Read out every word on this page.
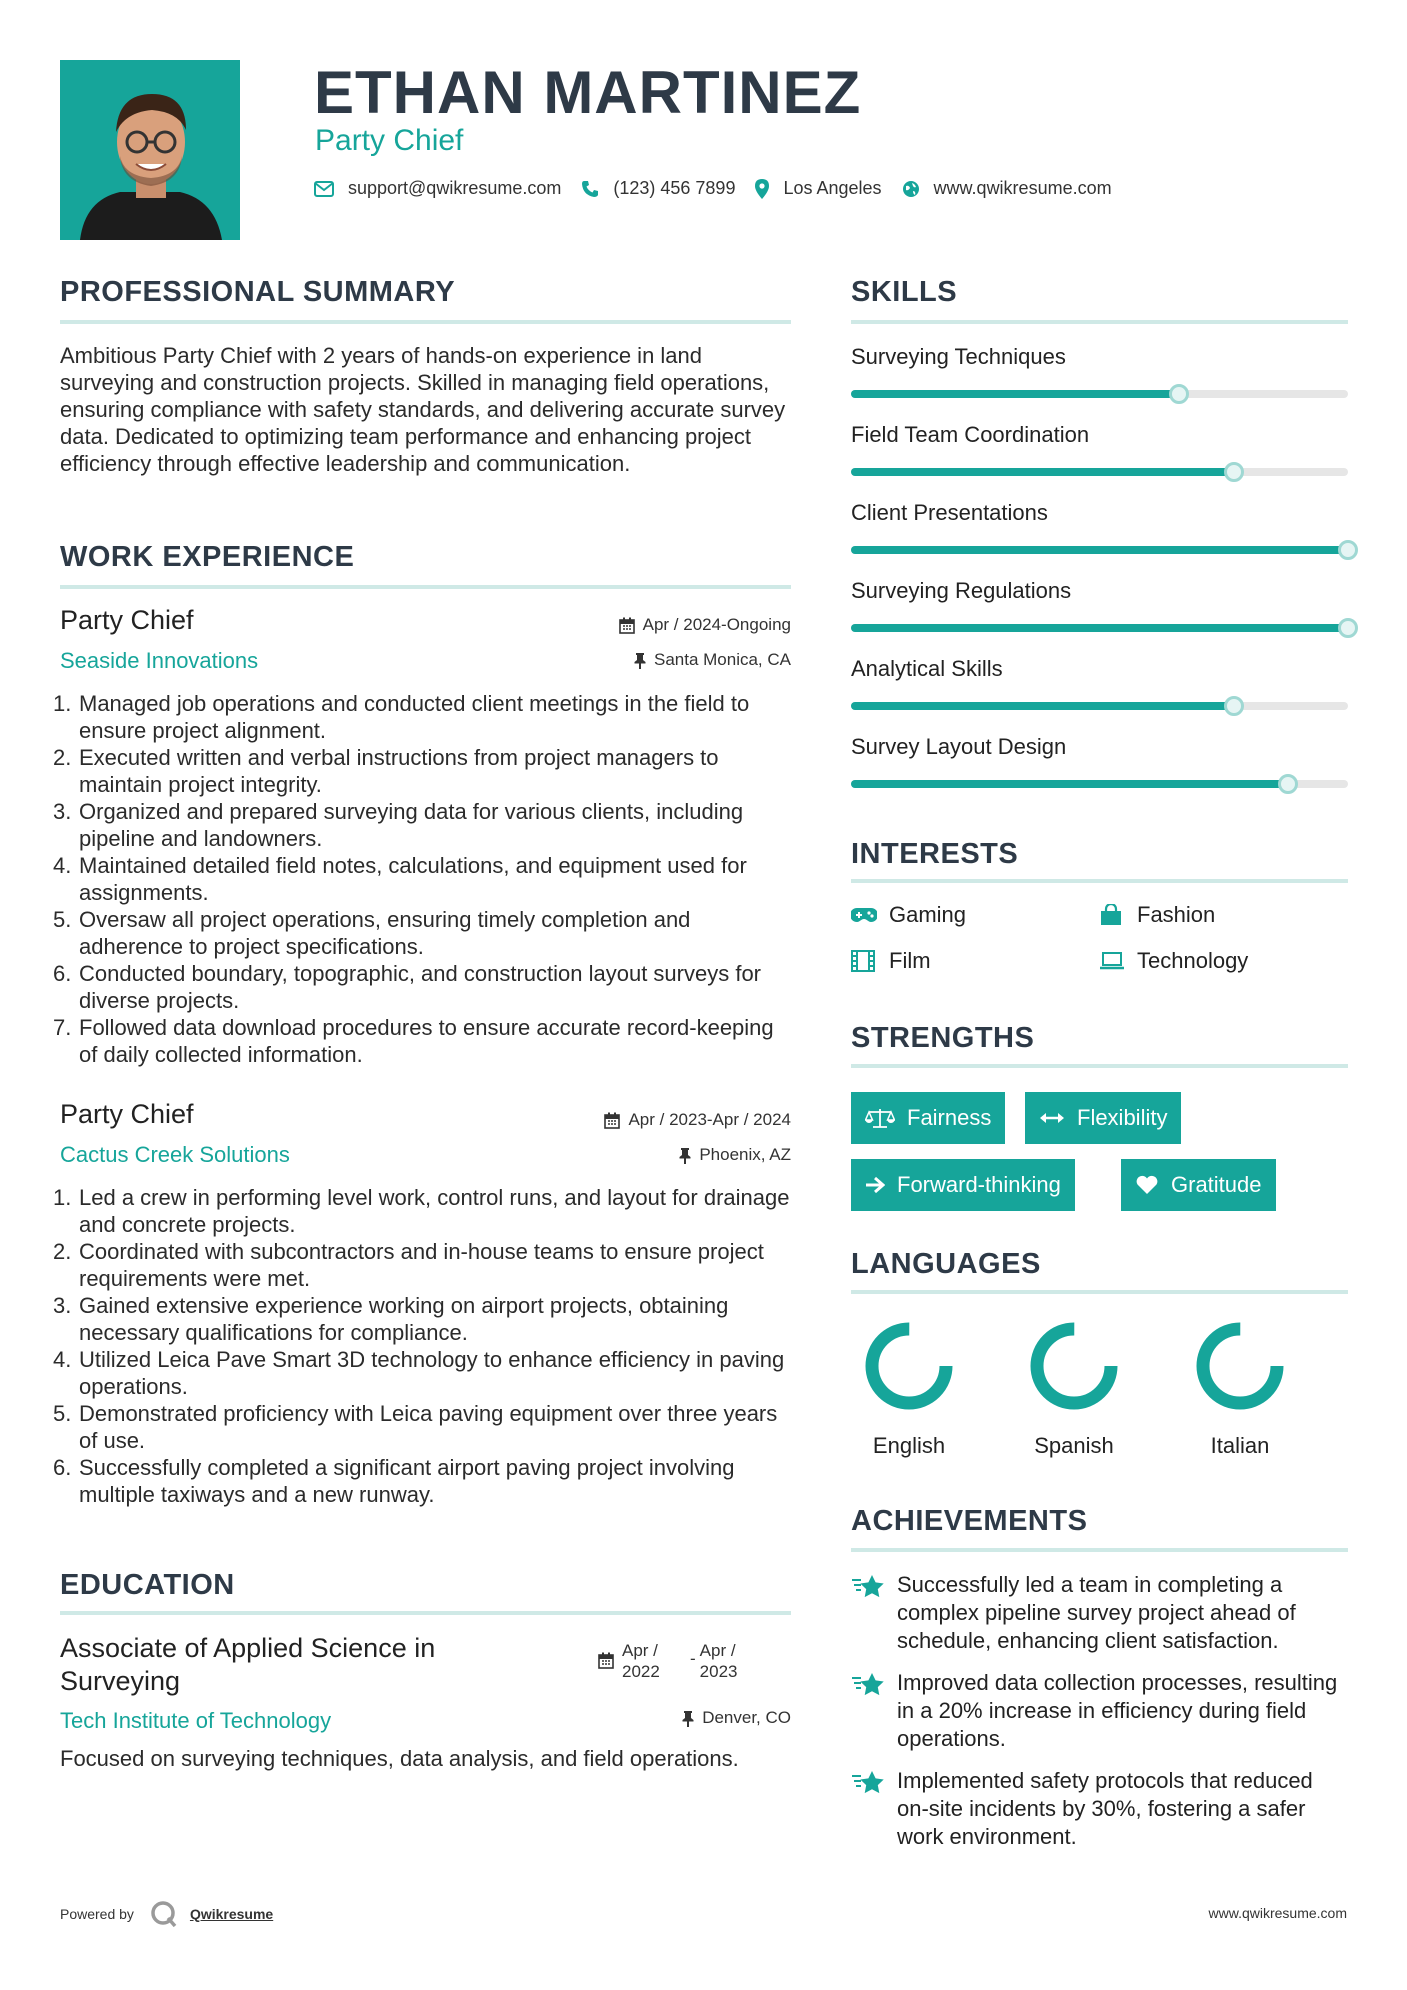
ETHAN MARTINEZ
Party Chief
support@qwikresume.com	(123) 456 7899	Los Angeles	www.qwikresume.com
PROFESSIONAL SUMMARY
Ambitious Party Chief with 2 years of hands-on experience in land surveying and construction projects. Skilled in managing field operations, ensuring compliance with safety standards, and delivering accurate survey data. Dedicated to optimizing team performance and enhancing project efficiency through effective leadership and communication.
WORK EXPERIENCE
Party Chief	Apr / 2024-Ongoing
Seaside Innovations	Santa Monica, CA
1. Managed job operations and conducted client meetings in the field to ensure project alignment.
2. Executed written and verbal instructions from project managers to maintain project integrity.
3. Organized and prepared surveying data for various clients, including pipeline and landowners.
4. Maintained detailed field notes, calculations, and equipment used for assignments.
5. Oversaw all project operations, ensuring timely completion and adherence to project specifications.
6. Conducted boundary, topographic, and construction layout surveys for diverse projects.
7. Followed data download procedures to ensure accurate record-keeping of daily collected information.
Party Chief	Apr / 2023-Apr / 2024
Cactus Creek Solutions	Phoenix, AZ
1. Led a crew in performing level work, control runs, and layout for drainage and concrete projects.
2. Coordinated with subcontractors and in-house teams to ensure project requirements were met.
3. Gained extensive experience working on airport projects, obtaining necessary qualifications for compliance.
4. Utilized Leica Pave Smart 3D technology to enhance efficiency in paving operations.
5. Demonstrated proficiency with Leica paving equipment over three years of use.
6. Successfully completed a significant airport paving project involving multiple taxiways and a new runway.
EDUCATION
Associate of Applied Science in Surveying
Apr / 2022
- Apr / 2023
Tech Institute of Technology	Denver, CO
Focused on surveying techniques, data analysis, and field operations.
SKILLS
Surveying Techniques
Field Team Coordination
Client Presentations
Surveying Regulations
Analytical Skills
Survey Layout Design
INTERESTS
Gaming	Fashion
Film	Technology
STRENGTHS
Fairness	Flexibility
Forward-thinking	Gratitude
LANGUAGES
English	Spanish	Italian
ACHIEVEMENTS
Successfully led a team in completing a complex pipeline survey project ahead of schedule, enhancing client satisfaction.
Improved data collection processes, resulting in a 20% increase in efficiency during field operations.
Implemented safety protocols that reduced on-site incidents by 30%, fostering a safer work environment.
Powered by	Qwikresume	www.qwikresume.com
